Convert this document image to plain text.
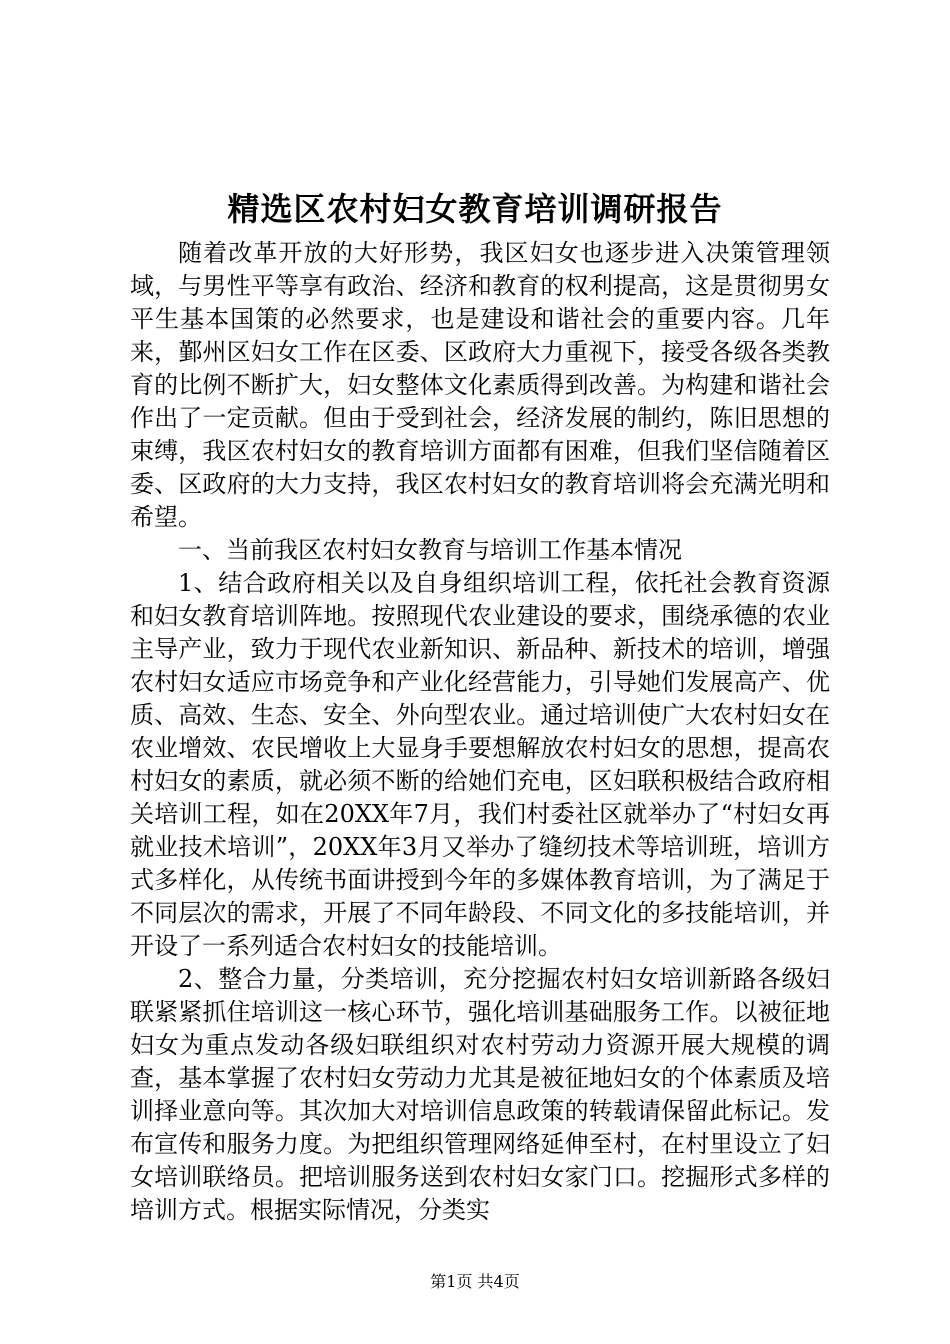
精选区农村妇女教育培训调研报告

随着改革开放的大好形势，我区妇女也逐步进入决策管理领域，与男性平等享有政治、经济和教育的权利提高，这是贯彻男女平生基本国策的必然要求，也是建设和谐社会的重要内容。几年来，鄞州区妇女工作在区委、区政府大力重视下，接受各级各类教育的比例不断扩大，妇女整体文化素质得到改善。为构建和谐社会作出了一定贡献。但由于受到社会，经济发展的制约，陈旧思想的束缚，我区农村妇女的教育培训方面都有困难，但我们坚信随着区委、区政府的大力支持，我区农村妇女的教育培训将会充满光明和希望。

一、当前我区农村妇女教育与培训工作基本情况

1、结合政府相关以及自身组织培训工程，依托社会教育资源和妇女教育培训阵地。按照现代农业建设的要求，围绕承德的农业主导产业，致力于现代农业新知识、新品种、新技术的培训，增强农村妇女适应市场竞争和产业化经营能力，引导她们发展高产、优质、高效、生态、安全、外向型农业。通过培训使广大农村妇女在农业增效、农民增收上大显身手要想解放农村妇女的思想，提高农村妇女的素质，就必须不断的给她们充电，区妇联积极结合政府相关培训工程，如在20XX年7月，我们村委社区就举办了“村妇女再就业技术培训”，20XX年3月又举办了缝纫技术等培训班，培训方式多样化，从传统书面讲授到今年的多媒体教育培训，为了满足于不同层次的需求，开展了不同年龄段、不同文化的多技能培训，并开设了一系列适合农村妇女的技能培训。

2、整合力量，分类培训，充分挖掘农村妇女培训新路各级妇联紧紧抓住培训这一核心环节，强化培训基础服务工作。以被征地妇女为重点发动各级妇联组织对农村劳动力资源开展大规模的调查，基本掌握了农村妇女劳动力尤其是被征地妇女的个体素质及培训择业意向等。其次加大对培训信息政策的转载请保留此标记。发布宣传和服务力度。为把组织管理网络延伸至村，在村里设立了妇女培训联络员。把培训服务送到农村妇女家门口。挖掘形式多样的培训方式。根据实际情况，分类实

第1页 共4页
